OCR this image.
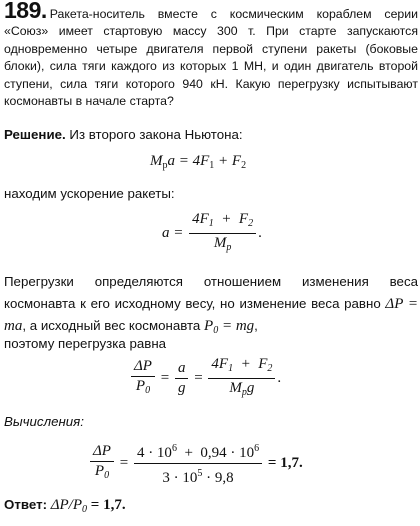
189. Ракета-носитель вместе с космическим кораблем серии «Союз» имеет стартовую массу 300 т. При старте запускаются одновременно четыре двигателя первой ступени ракеты (боковые блоки), сила тяги каждого из которых 1 МН, и один двигатель второй ступени, сила тяги которого 940 кН. Какую перегрузку испытывают космонавты в начале старта?
Решение. Из второго закона Ньютона:
$M_рa = 4F_1 + F_2$
находим ускорение ракеты:
$a = \frac{4F_1 + F_2}{M_р}$ .
Перегрузки определяются отношением изменения веса космонавта к его исходному весу, но изменение веса равно ΔP = ma, а исходный вес космонавта $P_0$ = mg,
поэтому перегрузка равна
$\frac{\Delta P}{P_0} = \frac{a}{g} = \frac{4F_1 + F_2}{M_рg}$ .
Вычисления:
$\frac{\Delta P}{P_0} = \frac{4 \cdot 10^6 + 0,94 \cdot 10^6}{3 \cdot 10^5 \cdot 9,8} = 1,7$.
Ответ: $\Delta P/P_0 = 1,7$.
